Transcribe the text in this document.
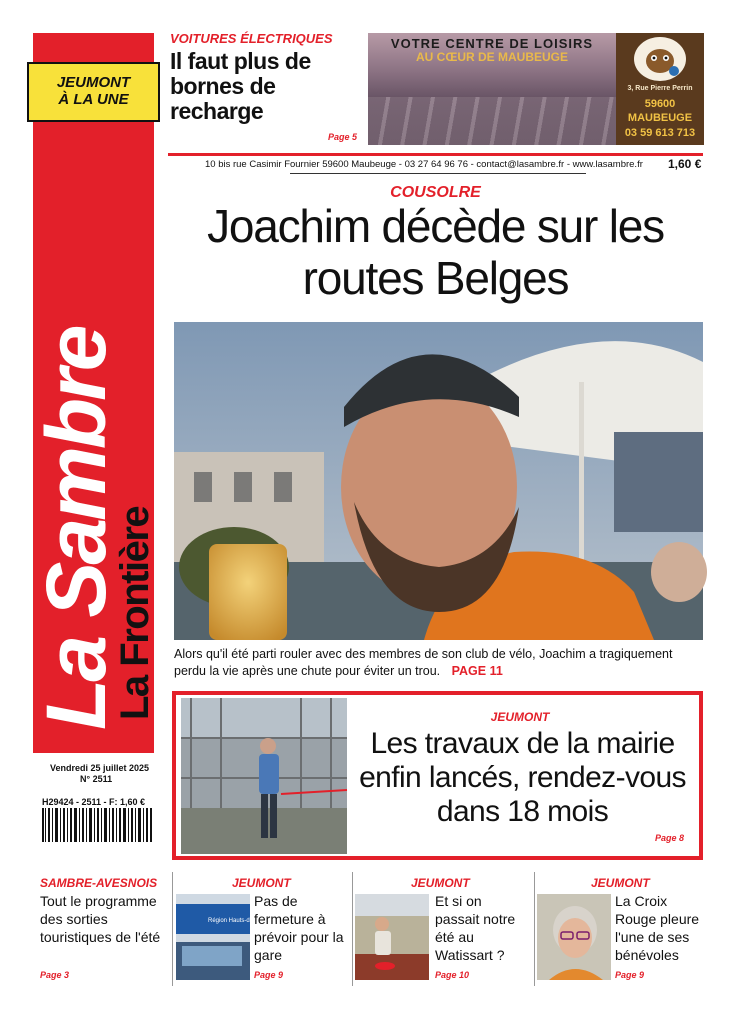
La Sambre
La Frontière
JEUMONT
À LA UNE
Vendredi 25 juillet 2025
N° 2511
H29424 - 2511 - F: 1,60 €
VOITURES ÉLECTRIQUES
Il faut plus de bornes de recharge
Page 5
VOTRE CENTRE DE LOISIRS
AU CŒUR DE MAUBEUGE
3, Rue Pierre Perrin
59600
MAUBEUGE
03 59 613 713
10 bis rue Casimir Fournier 59600 Maubeuge - 03 27 64 96 76 - contact@lasambre.fr - www.lasambre.fr 1,60 €
COUSOLRE
Joachim décède sur les routes Belges
Alors qu'il été parti rouler avec des membres de son club de vélo, Joachim a tragiquement perdu la vie après une chute pour éviter un trou. PAGE 11
JEUMONT
Les travaux de la mairie enfin lancés, rendez-vous dans 18 mois
Page 8
SAMBRE-AVESNOIS
Tout le programme des sorties touristiques de l'été
Page 3
Région Hauts-de-France
JEUMONT
Pas de fermeture à prévoir pour la gare
Page 9
JEUMONT
Et si on passait notre été au Watissart ?
Page 10
JEUMONT
La Croix Rouge pleure l'une de ses bénévoles
Page 9
